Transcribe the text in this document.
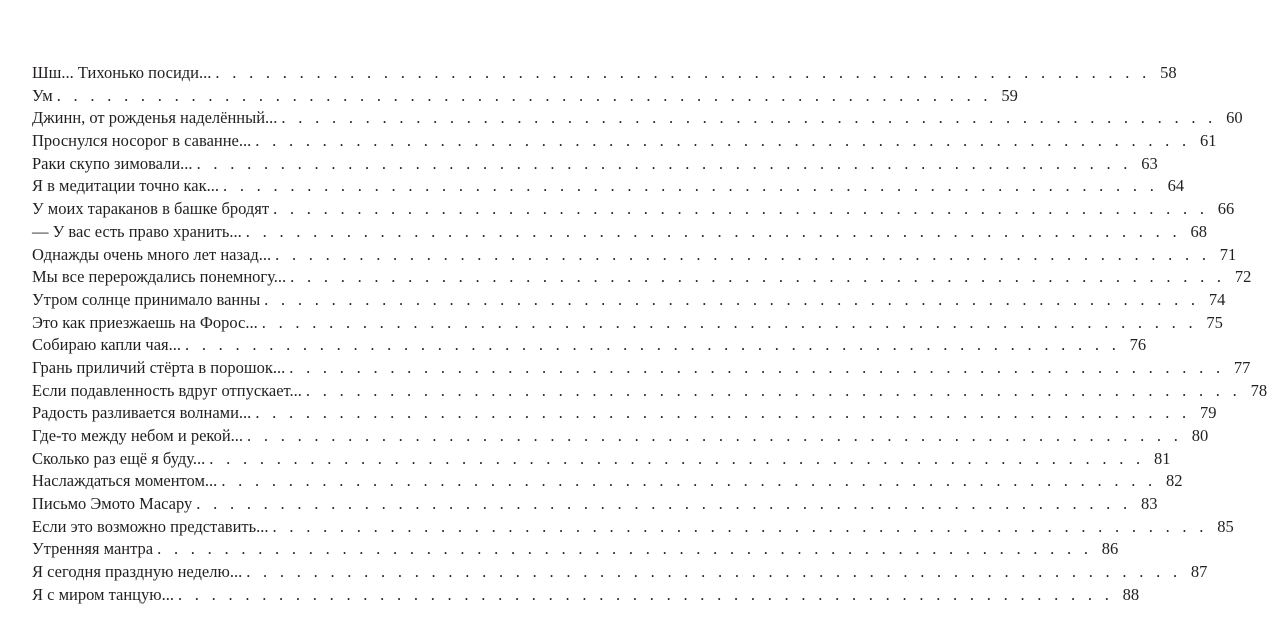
Шш... Тихонько посиди... . . . . . . . . . . . . . . . . . . . . . . . . . . . . . . . . . . . . . . . . . . . . . . . . . . . . . . . . 58
Ум . . . . . . . . . . . . . . . . . . . . . . . . . . . . . . . . . . . . . . . . . . . . . . . . . . . . . . . . 59
Джинн, от рожденья наделённый... . . . . . . . . . . . . . . . . . . . . . . . . . . . . . . . . . . . . . . . . . . . . . . . . . . . . . . . . 60
Проснулся носорог в саванне... . . . . . . . . . . . . . . . . . . . . . . . . . . . . . . . . . . . . . . . . . . . . . . . . . . . . . . . . 61
Раки скупо зимовали... . . . . . . . . . . . . . . . . . . . . . . . . . . . . . . . . . . . . . . . . . . . . . . . . . . . . . . . . 63
Я в медитации точно как... . . . . . . . . . . . . . . . . . . . . . . . . . . . . . . . . . . . . . . . . . . . . . . . . . . . . . . . . 64
У моих тараканов в башке бродят . . . . . . . . . . . . . . . . . . . . . . . . . . . . . . . . . . . . . . . . . . . . . . . . . . . . . . . . 66
— У вас есть право хранить... . . . . . . . . . . . . . . . . . . . . . . . . . . . . . . . . . . . . . . . . . . . . . . . . . . . . . . . . 68
Однажды очень много лет назад... . . . . . . . . . . . . . . . . . . . . . . . . . . . . . . . . . . . . . . . . . . . . . . . . . . . . . . . . 71
Мы все перерождались понемногу... . . . . . . . . . . . . . . . . . . . . . . . . . . . . . . . . . . . . . . . . . . . . . . . . . . . . . . . . 72
Утром солнце принимало ванны . . . . . . . . . . . . . . . . . . . . . . . . . . . . . . . . . . . . . . . . . . . . . . . . . . . . . . . . 74
Это как приезжаешь на Форос... . . . . . . . . . . . . . . . . . . . . . . . . . . . . . . . . . . . . . . . . . . . . . . . . . . . . . . . . 75
Собираю капли чая... . . . . . . . . . . . . . . . . . . . . . . . . . . . . . . . . . . . . . . . . . . . . . . . . . . . . . . . . 76
Грань приличий стёрта в порошок... . . . . . . . . . . . . . . . . . . . . . . . . . . . . . . . . . . . . . . . . . . . . . . . . . . . . . . . . 77
Если подавленность вдруг отпускает... . . . . . . . . . . . . . . . . . . . . . . . . . . . . . . . . . . . . . . . . . . . . . . . . . . . . . . . . 78
Радость разливается волнами... . . . . . . . . . . . . . . . . . . . . . . . . . . . . . . . . . . . . . . . . . . . . . . . . . . . . . . . . 79
Где-то между небом и рекой... . . . . . . . . . . . . . . . . . . . . . . . . . . . . . . . . . . . . . . . . . . . . . . . . . . . . . . . . 80
Сколько раз ещё я буду... . . . . . . . . . . . . . . . . . . . . . . . . . . . . . . . . . . . . . . . . . . . . . . . . . . . . . . . . 81
Наслаждаться моментом... . . . . . . . . . . . . . . . . . . . . . . . . . . . . . . . . . . . . . . . . . . . . . . . . . . . . . . . . 82
Письмо Эмото Масару . . . . . . . . . . . . . . . . . . . . . . . . . . . . . . . . . . . . . . . . . . . . . . . . . . . . . . . . 83
Если это возможно представить... . . . . . . . . . . . . . . . . . . . . . . . . . . . . . . . . . . . . . . . . . . . . . . . . . . . . . . . . 85
Утренняя мантра . . . . . . . . . . . . . . . . . . . . . . . . . . . . . . . . . . . . . . . . . . . . . . . . . . . . . . . . 86
Я сегодня праздную неделю... . . . . . . . . . . . . . . . . . . . . . . . . . . . . . . . . . . . . . . . . . . . . . . . . . . . . . . . . 87
Я с миром танцую... . . . . . . . . . . . . . . . . . . . . . . . . . . . . . . . . . . . . . . . . . . . . . . . . . . . . . . . . 88
